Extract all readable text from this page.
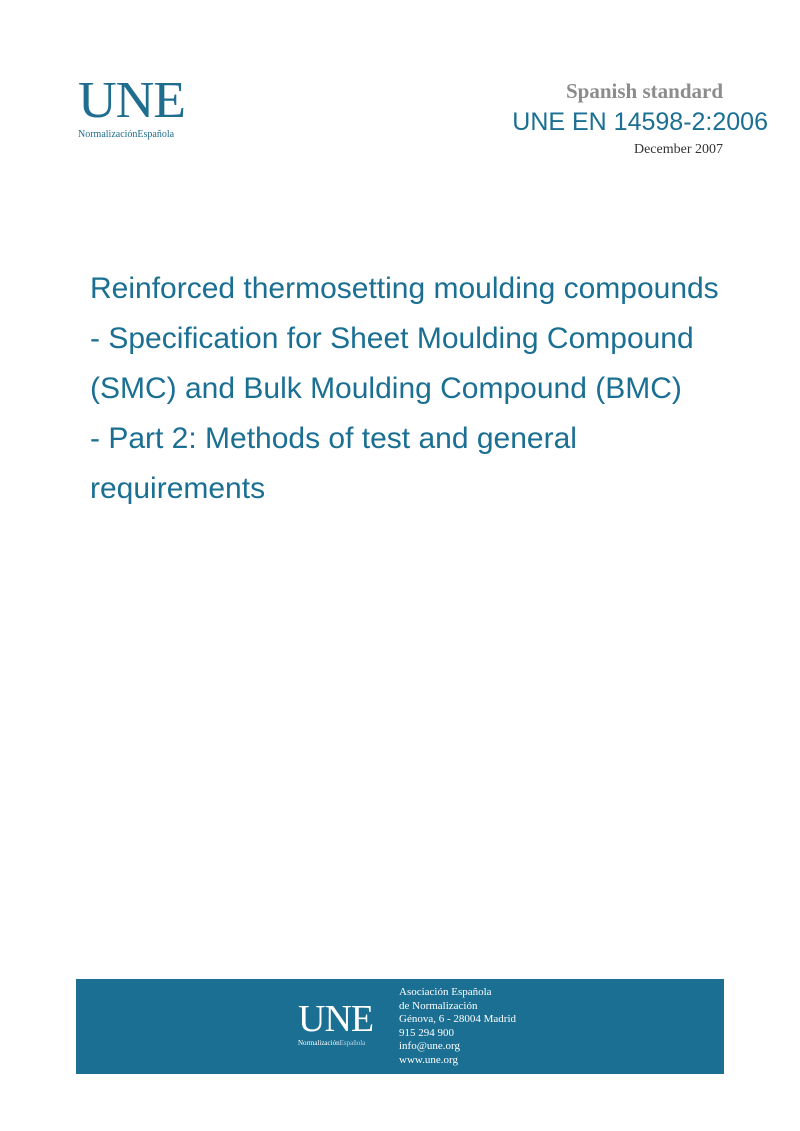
UNE
NormalizaciónEspañola
Spanish standard
UNE EN 14598-2:2006
December 2007
Reinforced thermosetting moulding compounds
- Specification for Sheet Moulding Compound
(SMC) and Bulk Moulding Compound (BMC)
- Part 2: Methods of test and general
requirements
UNE
NormalizaciónEspañola
Asociación Española
de Normalización
Génova, 6 - 28004 Madrid
915 294 900
info@une.org
www.une.org
